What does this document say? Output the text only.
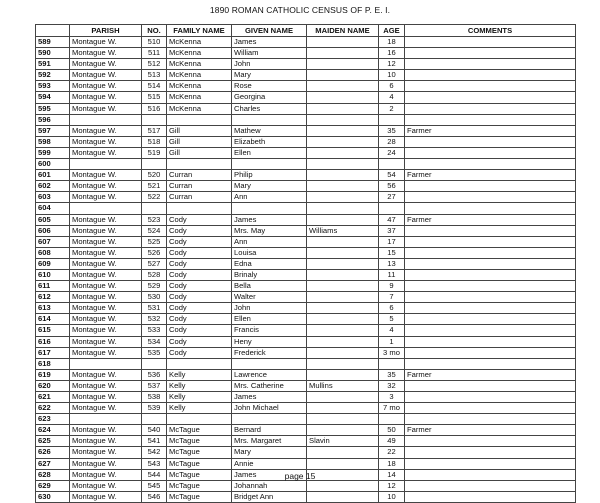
1890 ROMAN CATHOLIC CENSUS OF P. E. I.
	PARISH	NO.	FAMILY NAME	GIVEN NAME	MAIDEN NAME	AGE	COMMENTS
589	Montague W.	510	McKenna	James		18	
590	Montague W.	511	McKenna	William		16	
591	Montague W.	512	McKenna	John		12	
592	Montague W.	513	McKenna	Mary		10	
593	Montague W.	514	McKenna	Rose		6	
594	Montague W.	515	McKenna	Georgina		4	
595	Montague W.	516	McKenna	Charles		2	
596							
597	Montague W.	517	Gill	Mathew		35	Farmer
598	Montague W.	518	Gill	Elizabeth		28	
599	Montague W.	519	Gill	Ellen		24	
600							
601	Montague W.	520	Curran	Philip		54	Farmer
602	Montague W.	521	Curran	Mary		56	
603	Montague W.	522	Curran	Ann		27	
604							
605	Montague W.	523	Cody	James		47	Farmer
606	Montague W.	524	Cody	Mrs. May	Williams	37	
607	Montague W.	525	Cody	Ann		17	
608	Montague W.	526	Cody	Louisa		15	
609	Montague W.	527	Cody	Edna		13	
610	Montague W.	528	Cody	Brinaly		11	
611	Montague W.	529	Cody	Bella		9	
612	Montague W.	530	Cody	Walter		7	
613	Montague W.	531	Cody	John		6	
614	Montague W.	532	Cody	Ellen		5	
615	Montague W.	533	Cody	Francis		4	
616	Montague W.	534	Cody	Heny		1	
617	Montague W.	535	Cody	Frederick		3 mo	
618							
619	Montague W.	536	Kelly	Lawrence		35	Farmer
620	Montague W.	537	Kelly	Mrs. Catherine	Mullins	32	
621	Montague W.	538	Kelly	James		3	
622	Montague W.	539	Kelly	John Michael		7 mo	
623							
624	Montague W.	540	McTague	Bernard		50	Farmer
625	Montague W.	541	McTague	Mrs. Margaret	Slavin	49	
626	Montague W.	542	McTague	Mary		22	
627	Montague W.	543	McTague	Annie		18	
628	Montague W.	544	McTague	James		14	
629	Montague W.	545	McTague	Johannah		12	
630	Montague W.	546	McTague	Bridget Ann		10	
page 15
